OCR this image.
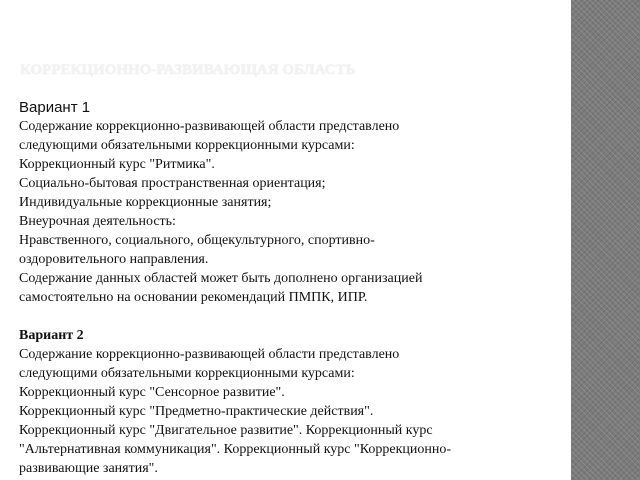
КОРРЕКЦИОННО-РАЗВИВАЮЩАЯ ОБЛАСТЬ

Вариант 1

Содержание коррекционно-развивающей области представлено

следующими обязательными коррекционными курсами:

Коррекционный курс "Ритмика".

Социально-бытовая пространственная ориентация;

Индивидуальные коррекционные занятия;

Внеурочная деятельность:

Нравственного, социального, общекультурного, спортивно-

оздоровительного направления.

Содержание данных областей может быть дополнено организацией

самостоятельно на основании рекомендаций ПМПК, ИПР.

Вариант 2

Содержание коррекционно-развивающей области представлено

следующими обязательными коррекционными курсами:

Коррекционный курс "Сенсорное развитие".

Коррекционный курс "Предметно-практические действия".

Коррекционный курс "Двигательное развитие". Коррекционный курс

"Альтернативная коммуникация". Коррекционный курс "Коррекционно-

развивающие занятия".
